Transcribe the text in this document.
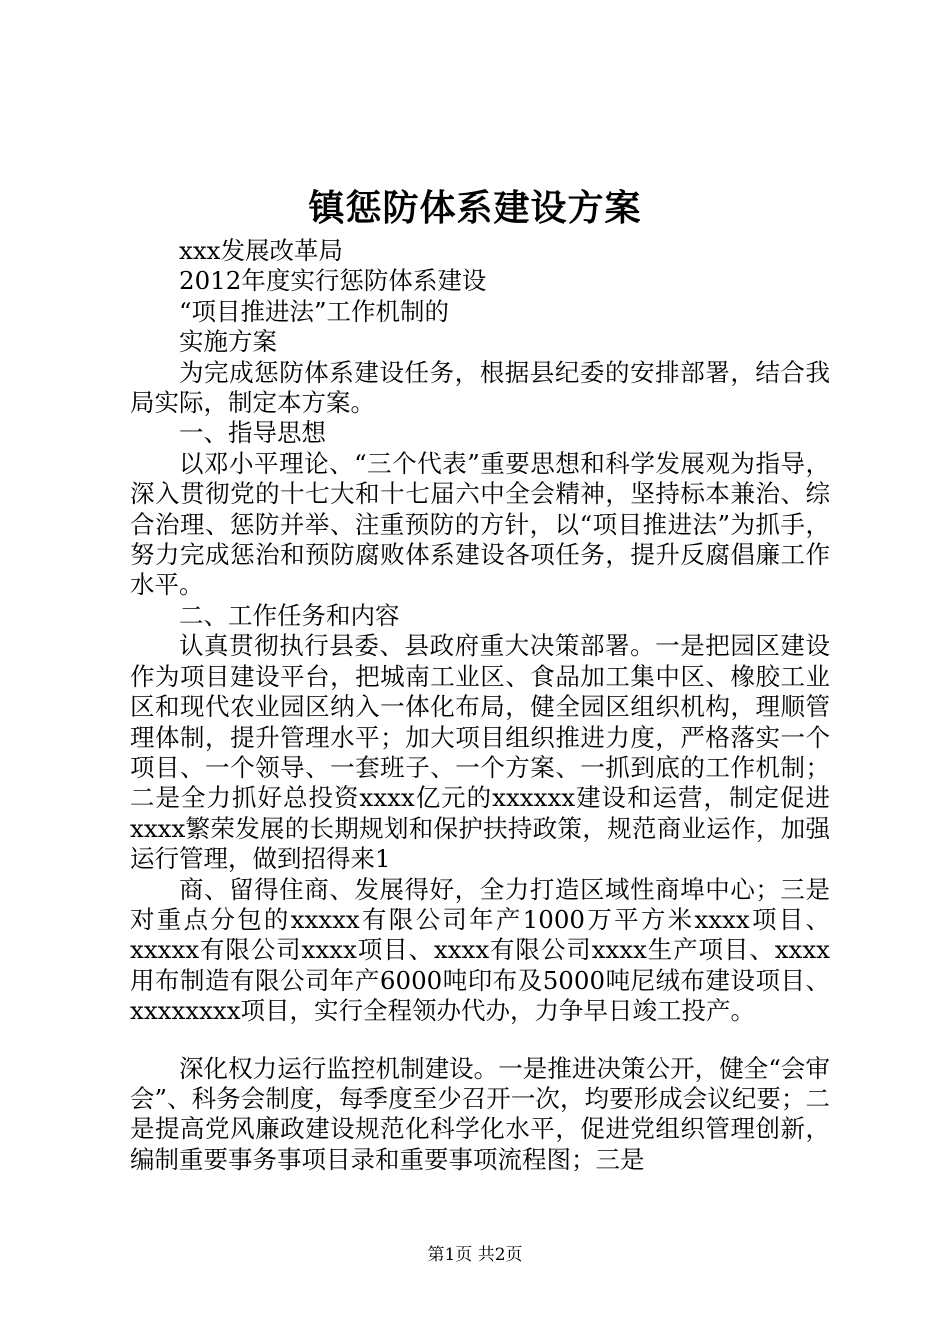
镇惩防体系建设方案

xxx发展改革局

2012年度实行惩防体系建设

“项目推进法”工作机制的

实施方案

为完成惩防体系建设任务，根据县纪委的安排部署，结合我局实际，制定本方案。

一、指导思想

以邓小平理论、“三个代表”重要思想和科学发展观为指导，深入贯彻党的十七大和十七届六中全会精神，坚持标本兼治、综合治理、惩防并举、注重预防的方针，以“项目推进法”为抓手，努力完成惩治和预防腐败体系建设各项任务，提升反腐倡廉工作水平。

二、工作任务和内容

认真贯彻执行县委、县政府重大决策部署。一是把园区建设作为项目建设平台，把城南工业区、食品加工集中区、橡胶工业区和现代农业园区纳入一体化布局，健全园区组织机构，理顺管理体制，提升管理水平；加大项目组织推进力度，严格落实一个项目、一个领导、一套班子、一个方案、一抓到底的工作机制；二是全力抓好总投资xxxx亿元的xxxxxx建设和运营，制定促进xxxx繁荣发展的长期规划和保护扶持政策，规范商业运作，加强运行管理，做到招得来1

商、留得住商、发展得好，全力打造区域性商埠中心；三是对重点分包的xxxxx有限公司年产1000万平方米xxxx项目、xxxxx有限公司xxxx项目、xxxx有限公司xxxx生产项目、xxxx用布制造有限公司年产6000吨印布及5000吨尼绒布建设项目、xxxxxxxx项目，实行全程领办代办，力争早日竣工投产。

深化权力运行监控机制建设。一是推进决策公开，健全“会审会”、科务会制度，每季度至少召开一次，均要形成会议纪要；二是提高党风廉政建设规范化科学化水平，促进党组织管理创新，编制重要事务事项目录和重要事项流程图；三是

第1页 共2页
